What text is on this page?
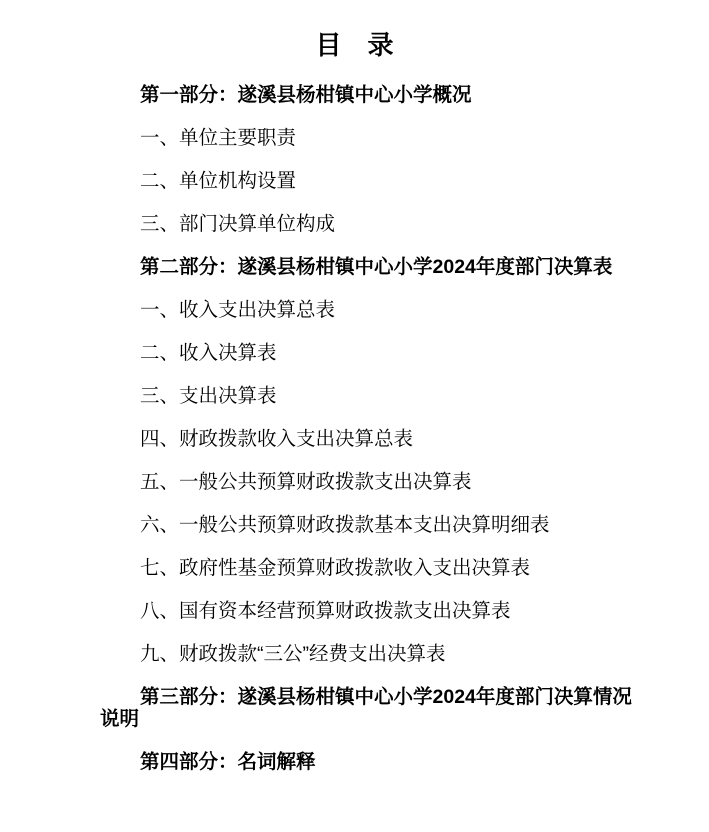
目　录

第一部分：遂溪县杨柑镇中心小学概况

一、单位主要职责

二、单位机构设置

三、部门决算单位构成

第二部分：遂溪县杨柑镇中心小学2024年度部门决算表

一、收入支出决算总表

二、收入决算表

三、支出决算表

四、财政拨款收入支出决算总表

五、一般公共预算财政拨款支出决算表

六、一般公共预算财政拨款基本支出决算明细表

七、政府性基金预算财政拨款收入支出决算表

八、国有资本经营预算财政拨款支出决算表

九、财政拨款“三公”经费支出决算表

第三部分：遂溪县杨柑镇中心小学2024年度部门决算情况说明

第四部分：名词解释
